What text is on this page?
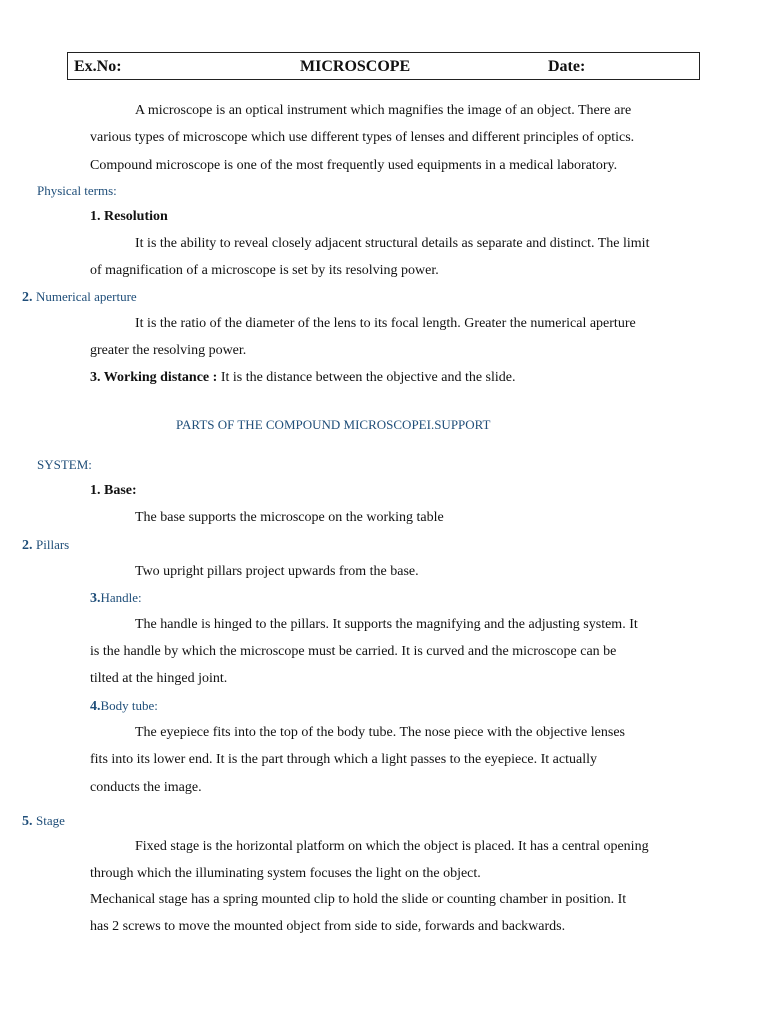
Ex.No:	MICROSCOPE	Date:
A microscope is an optical instrument which magnifies the image of an object. There are
various types of microscope which use different types of lenses and different principles of optics.
Compound microscope is one of the most frequently used equipments in a medical laboratory.
Physical terms:
1. Resolution
It is the ability to reveal closely adjacent structural details as separate and distinct. The limit
of magnification of a microscope is set by its resolving power.
2. Numerical aperture
It is the ratio of the diameter of the lens to its focal length. Greater the numerical aperture
greater the resolving power.
3. Working distance : It is the distance between the objective and the slide.
PARTS OF THE COMPOUND MICROSCOPEI.SUPPORT
SYSTEM:
1. Base:
The base supports the microscope on the working table
2. Pillars
Two upright pillars project upwards from the base.
3.Handle:
The handle is hinged to the pillars. It supports the magnifying and the adjusting system. It
is the handle by which the microscope must be carried. It is curved and the microscope can be
tilted at the hinged joint.
4.Body tube:
The eyepiece fits into the top of the body tube. The nose piece with the objective lenses
fits into its lower end. It is the part through which a light passes to the eyepiece. It actually
conducts the image.
5. Stage
Fixed stage is the horizontal platform on which the object is placed. It has a central opening
through which the illuminating system focuses the light on the object.
Mechanical stage has a spring mounted clip to hold the slide or counting chamber in position. It
has 2 screws to move the mounted object from side to side, forwards and backwards.
